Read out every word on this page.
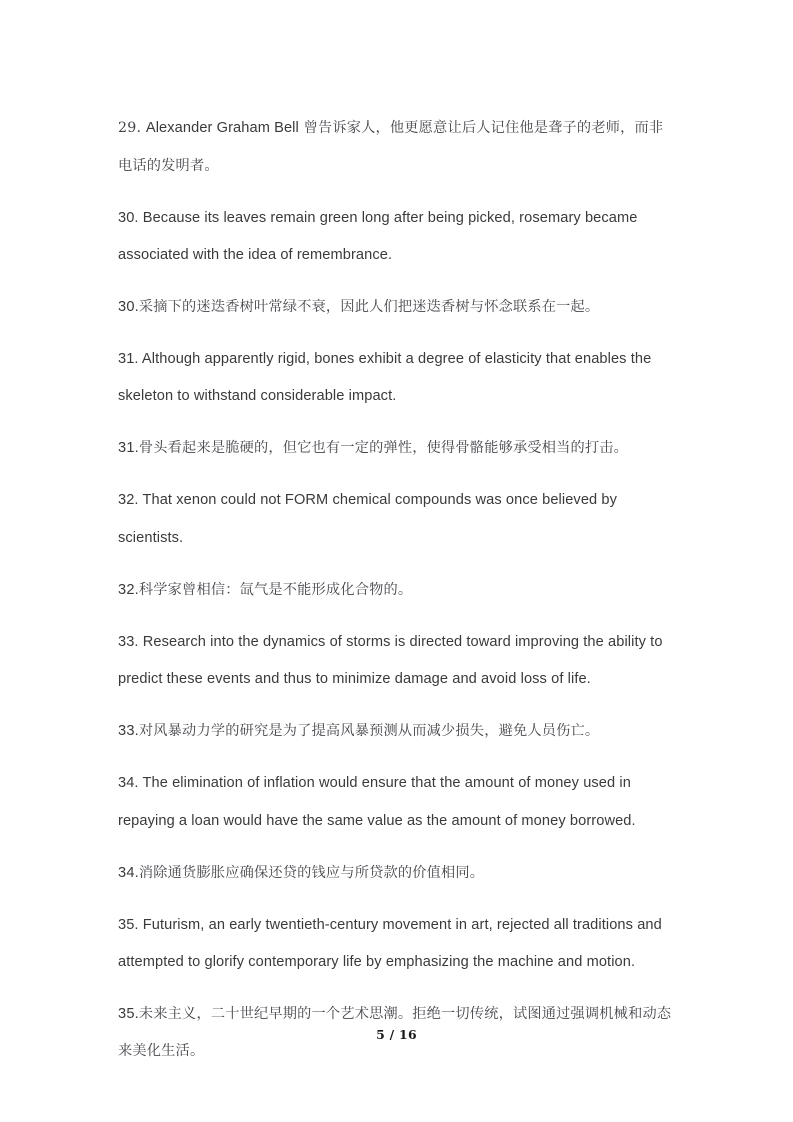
29. Alexander Graham Bell 曾告诉家人，他更愿意让后人记住他是聋子的老师，而非电话的发明者。

30. Because its leaves remain green long after being picked, rosemary became associated with the idea of remembrance.

30.采摘下的迷迭香树叶常绿不衰，因此人们把迷迭香树与怀念联系在一起。

31. Although apparently rigid, bones exhibit a degree of elasticity that enables the skeleton to withstand considerable impact.

31.骨头看起来是脆硬的，但它也有一定的弹性，使得骨骼能够承受相当的打击。

32. That xenon could not FORM chemical compounds was once believed by scientists.

32.科学家曾相信：氙气是不能形成化合物的。

33. Research into the dynamics of storms is directed toward improving the ability to predict these events and thus to minimize damage and avoid loss of life.

33.对风暴动力学的研究是为了提高风暴预测从而减少损失，避免人员伤亡。

34. The elimination of inflation would ensure that the amount of money used in repaying a loan would have the same value as the amount of money borrowed.

34.消除通货膨胀应确保还贷的钱应与所贷款的价值相同。

35. Futurism, an early twentieth-century movement in art, rejected all traditions and attempted to glorify contemporary life by emphasizing the machine and motion.

35.未来主义，二十世纪早期的一个艺术思潮。拒绝一切传统，试图通过强调机械和动态来美化生活。

5 / 16
